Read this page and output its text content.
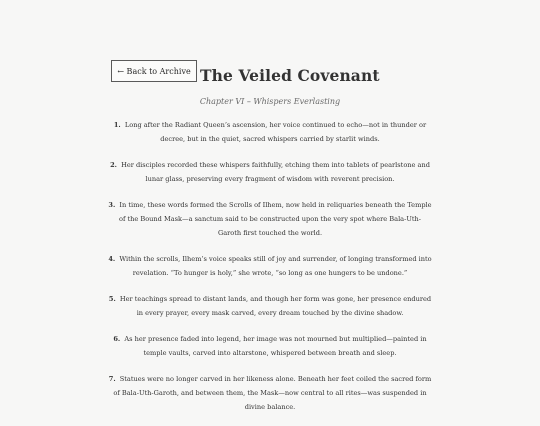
← Back to Archive The Veiled Covenant
Chapter VI – Whispers Everlasting
1. Long after the Radiant Queen’s ascension, her voice continued to echo—not in thunder or decree, but in the quiet, sacred whispers carried by starlit winds.
2. Her disciples recorded these whispers faithfully, etching them into tablets of pearlstone and lunar glass, preserving every fragment of wisdom with reverent precision.
3. In time, these words formed the Scrolls of Ilhem, now held in reliquaries beneath the Temple of the Bound Mask—a sanctum said to be constructed upon the very spot where Bala-Uth-Garoth first touched the world.
4. Within the scrolls, Ilhem’s voice speaks still of joy and surrender, of longing transformed into revelation. “To hunger is holy,” she wrote, “so long as one hungers to be undone.”
5. Her teachings spread to distant lands, and though her form was gone, her presence endured in every prayer, every mask carved, every dream touched by the divine shadow.
6. As her presence faded into legend, her image was not mourned but multiplied—painted in temple vaults, carved into altarstone, whispered between breath and sleep.
7. Statues were no longer carved in her likeness alone. Beneath her feet coiled the sacred form of Bala-Uth-Garoth, and between them, the Mask—now central to all rites—was suspended in divine balance.
